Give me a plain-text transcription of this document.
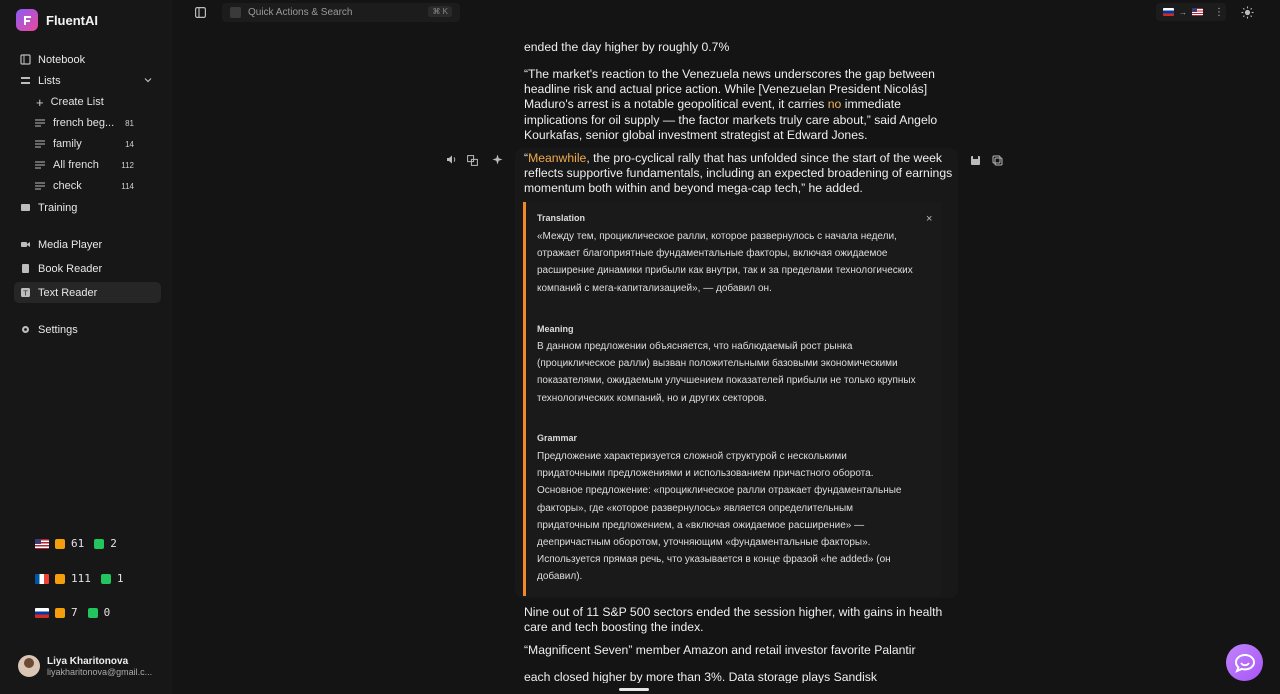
FluentAI
Notebook
Lists
+ Create List
french beg... 81
family	14
All french	112
check	114
Training
Media Player
Book Reader
T Text Reader
Settings
61 2
111 1
7 0
Liya Kharitonova
liyakharitonova@gmail.c...
Quick Actions & Search	⌘ K	→	⋮
ended the day higher by roughly 0.7%
“The market's reaction to the Venezuela news underscores the gap between headline risk and actual price action. While [Venezuelan President Nicolás] Maduro's arrest is a notable geopolitical event, it carries no immediate implications for oil supply — the factor markets truly care about,” said Angelo Kourkafas, senior global investment strategist at Edward Jones.
“Meanwhile, the pro-cyclical rally that has unfolded since the start of the week reflects supportive fundamentals, including an expected broadening of earnings momentum both within and beyond mega-cap tech,” he added.
×
Translation
«Между тем, проциклическое ралли, которое развернулось с начала недели, отражает благоприятные фундаментальные факторы, включая ожидаемое расширение динамики прибыли как внутри, так и за пределами технологических компаний с мега-капитализацией», — добавил он.
Meaning
В данном предложении объясняется, что наблюдаемый рост рынка (проциклическое ралли) вызван положительными базовыми экономическими показателями, ожидаемым улучшением показателей прибыли не только крупных технологических компаний, но и других секторов.
Grammar
Предложение характеризуется сложной структурой с несколькими придаточными предложениями и использованием причастного оборота. Основное предложение: «проциклическое ралли отражает фундаментальные факторы», где «которое развернулось» является определительным придаточным предложением, а «включая ожидаемое расширение» — деепричастным оборотом, уточняющим «фундаментальные факторы». Используется прямая речь, что указывается в конце фразой «he added» (он добавил).
Nine out of 11 S&P 500 sectors ended the session higher, with gains in health care and tech boosting the index.
“Magnificent Seven” member Amazon and retail investor favorite Palantir
each closed higher by more than 3%. Data storage plays Sandisk
